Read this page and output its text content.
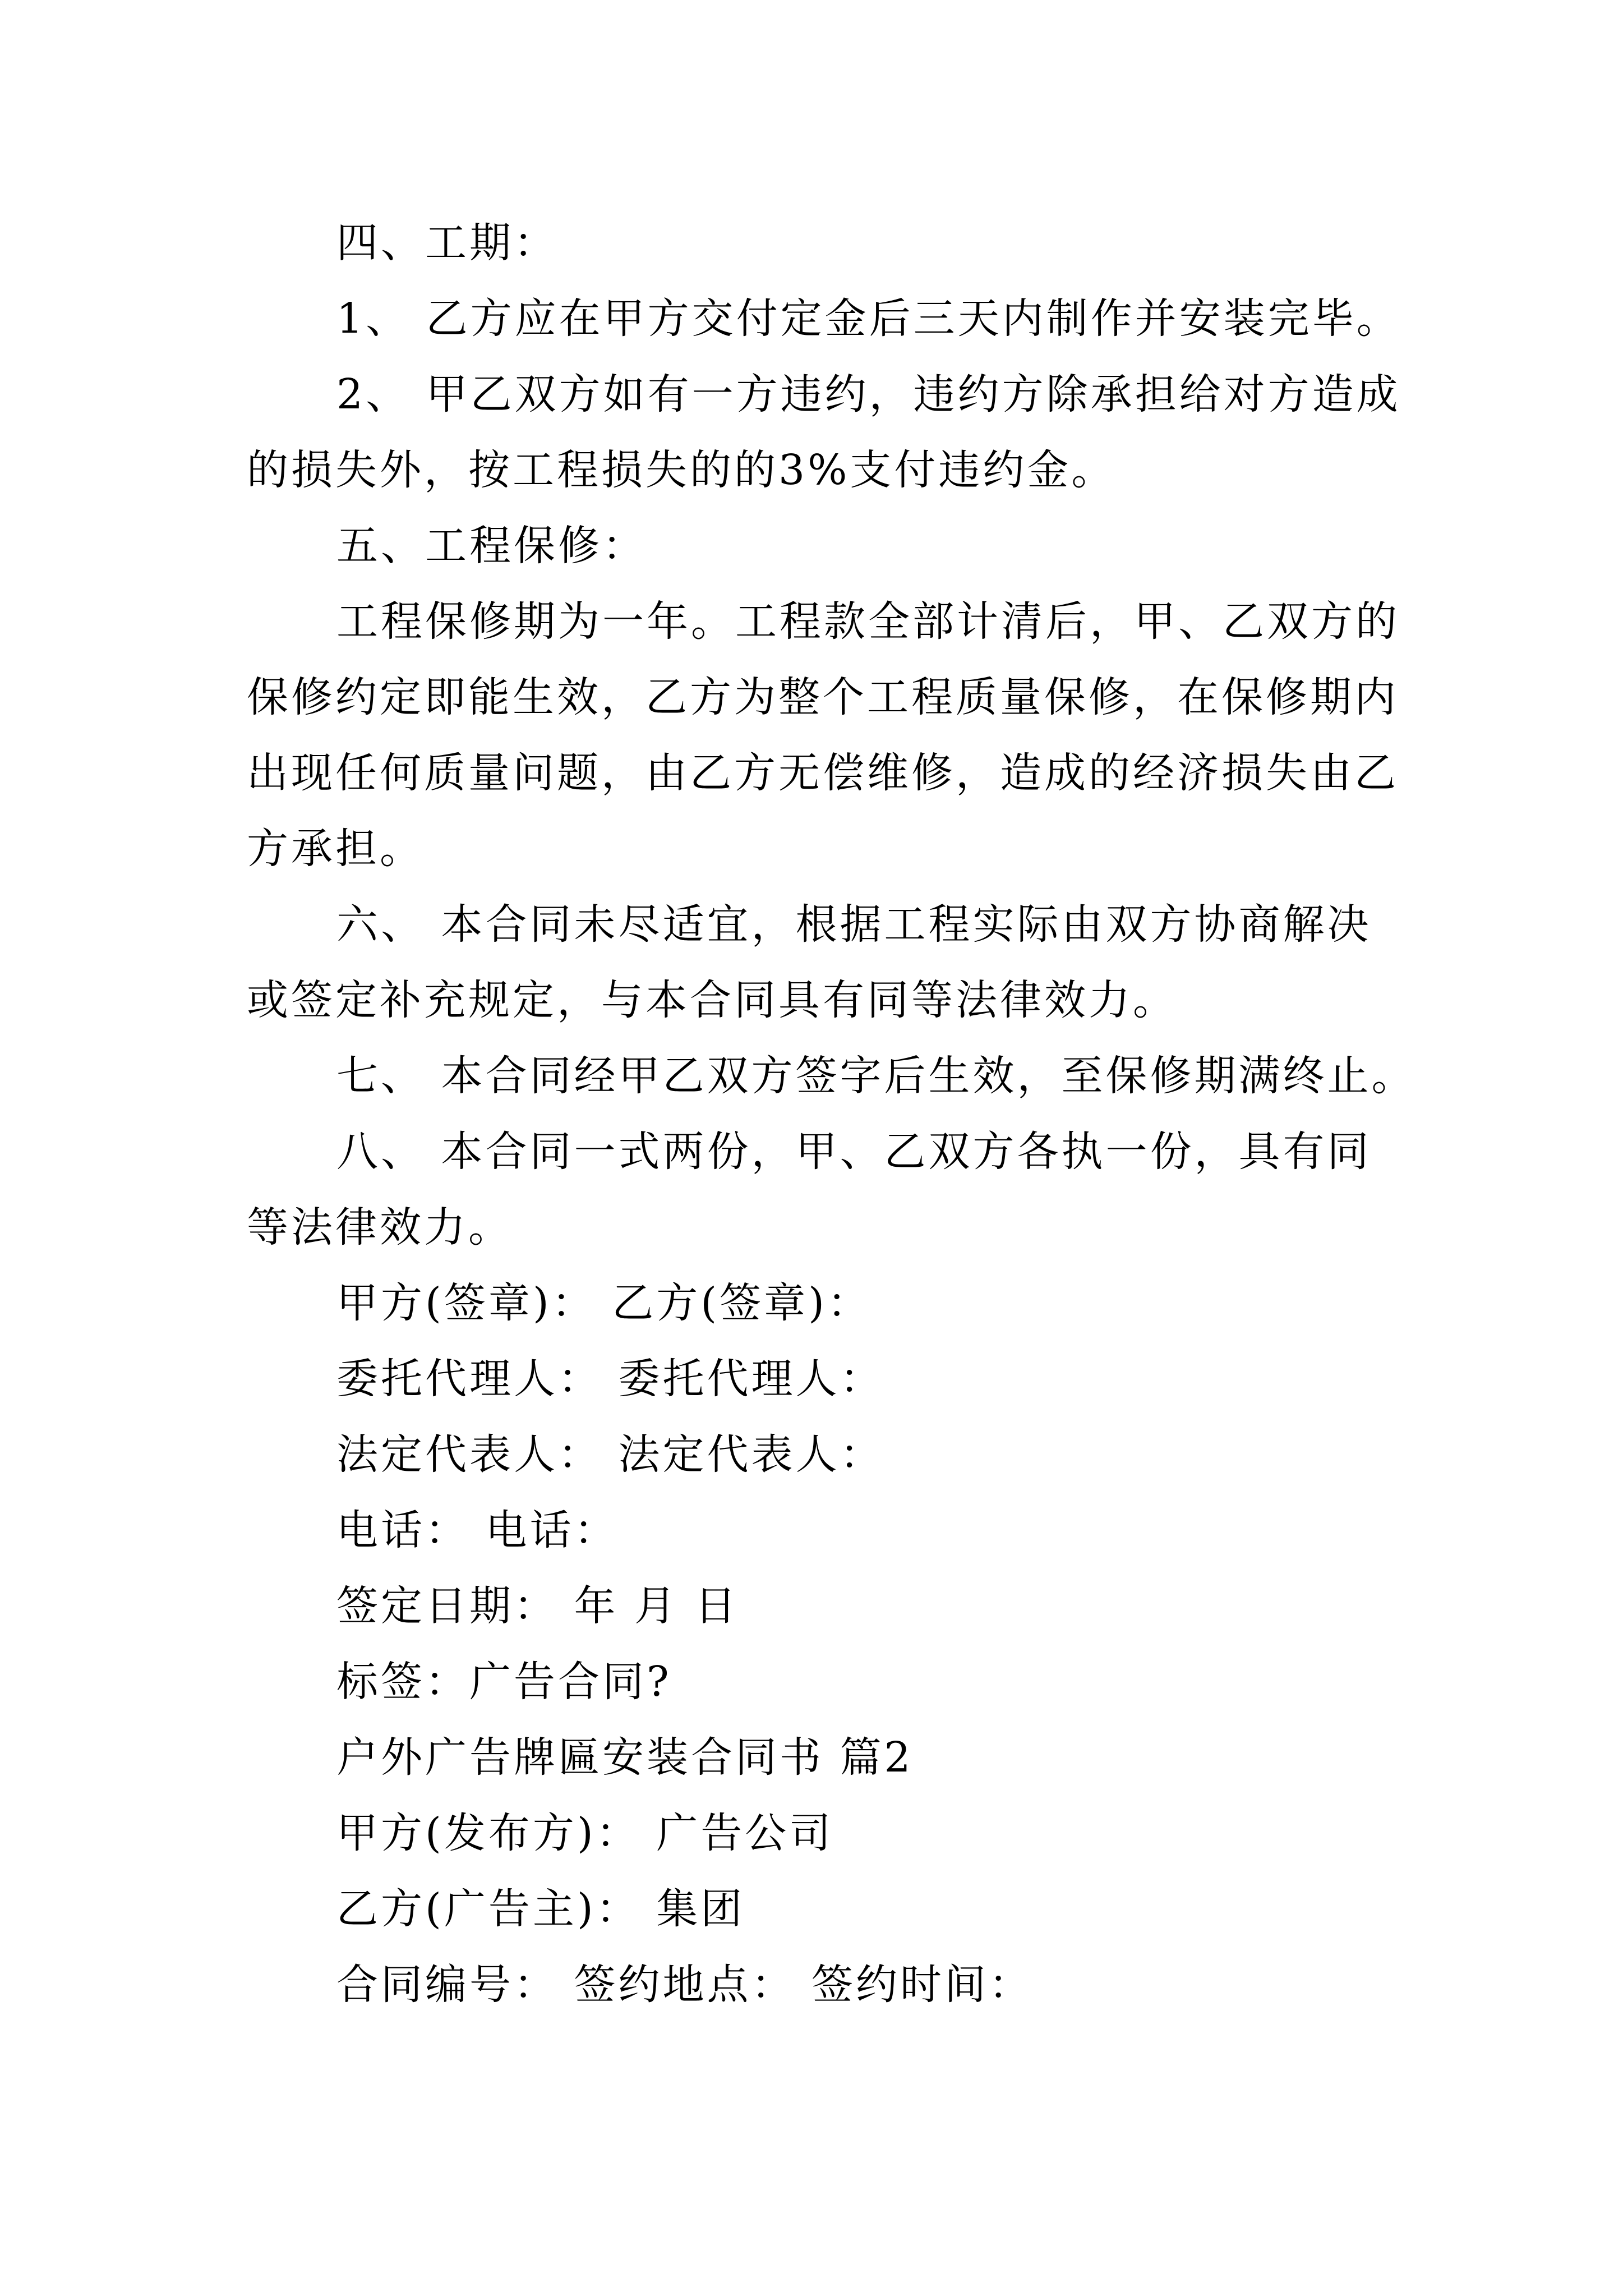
四、工期：
1、 乙方应在甲方交付定金后三天内制作并安装完毕。
2、 甲乙双方如有一方违约，违约方除承担给对方造成
的损失外，按工程损失的的3%支付违约金。
五、工程保修：
工程保修期为一年。工程款全部计清后，甲、乙双方的
保修约定即能生效，乙方为整个工程质量保修，在保修期内
出现任何质量问题，由乙方无偿维修，造成的经济损失由乙
方承担。
六、 本合同未尽适宜，根据工程实际由双方协商解决
或签定补充规定，与本合同具有同等法律效力。
七、 本合同经甲乙双方签字后生效，至保修期满终止。
八、 本合同一式两份，甲、乙双方各执一份，具有同
等法律效力。
甲方(签章)： 乙方(签章)：
委托代理人： 委托代理人：
法定代表人： 法定代表人：
电话： 电话：
签定日期： 年 月 日
标签：广告合同?
户外广告牌匾安装合同书 篇2
甲方(发布方)： 广告公司
乙方(广告主)： 集团
合同编号： 签约地点： 签约时间：
